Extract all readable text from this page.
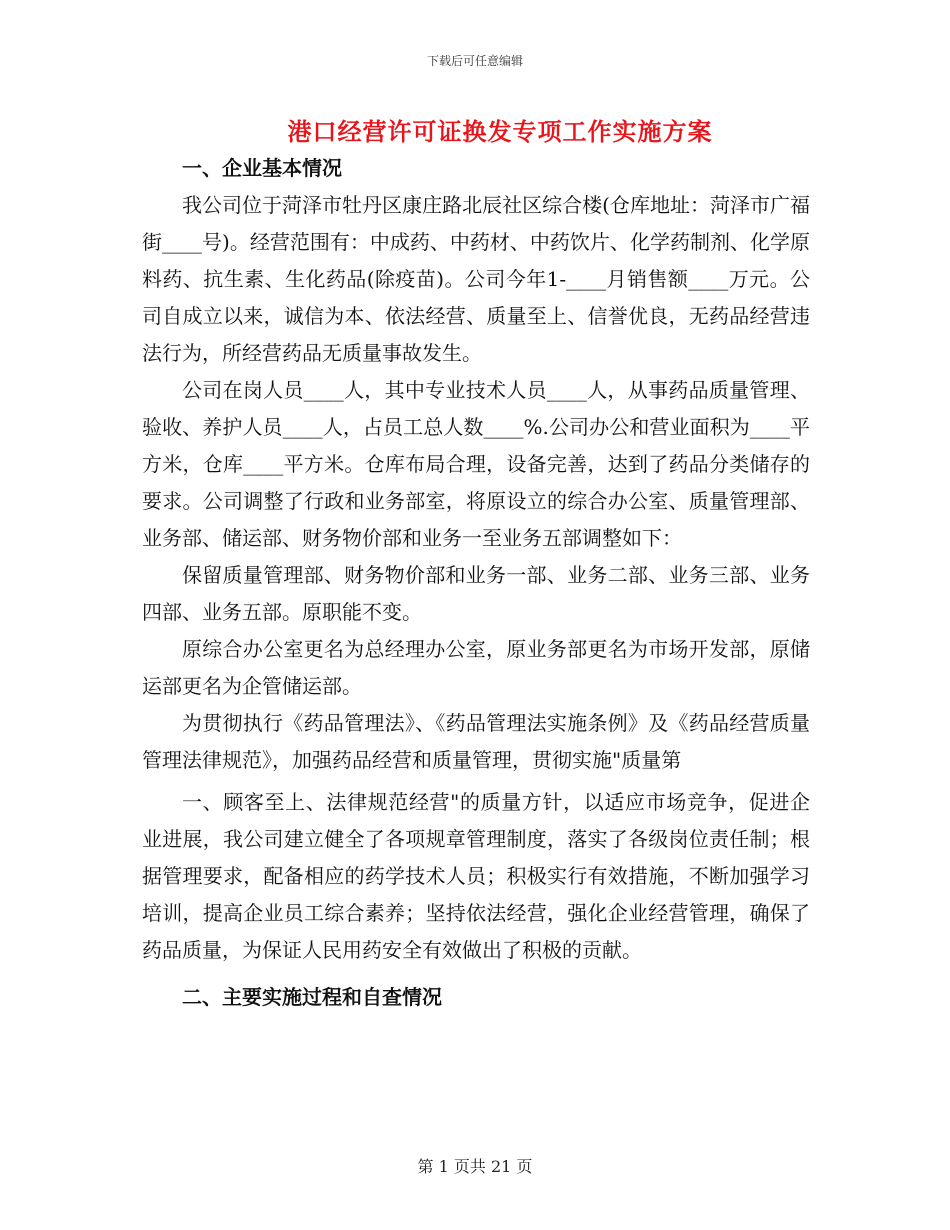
下载后可任意编辑
港口经营许可证换发专项工作实施方案

一、企业基本情况

我公司位于菏泽市牡丹区康庄路北辰社区综合楼(仓库地址：菏泽市广福街____号)。经营范围有：中成药、中药材、中药饮片、化学药制剂、化学原料药、抗生素、生化药品(除疫苗)。公司今年1-____月销售额____万元。公司自成立以来，诚信为本、依法经营、质量至上、信誉优良，无药品经营违法行为，所经营药品无质量事故发生。

公司在岗人员____人，其中专业技术人员____人，从事药品质量管理、验收、养护人员____人，占员工总人数____%.公司办公和营业面积为____平方米，仓库____平方米。仓库布局合理，设备完善，达到了药品分类储存的要求。公司调整了行政和业务部室，将原设立的综合办公室、质量管理部、业务部、储运部、财务物价部和业务一至业务五部调整如下：

保留质量管理部、财务物价部和业务一部、业务二部、业务三部、业务四部、业务五部。原职能不变。

原综合办公室更名为总经理办公室，原业务部更名为市场开发部，原储运部更名为企管储运部。

为贯彻执行《药品管理法》、《药品管理法实施条例》及《药品经营质量管理法律规范》，加强药品经营和质量管理，贯彻实施"质量第

一、顾客至上、法律规范经营"的质量方针，以适应市场竞争，促进企业进展，我公司建立健全了各项规章管理制度，落实了各级岗位责任制；根据管理要求，配备相应的药学技术人员；积极实行有效措施，不断加强学习培训，提高企业员工综合素养；坚持依法经营，强化企业经营管理，确保了药品质量，为保证人民用药安全有效做出了积极的贡献。

二、主要实施过程和自查情况

第 1 页共 21 页
